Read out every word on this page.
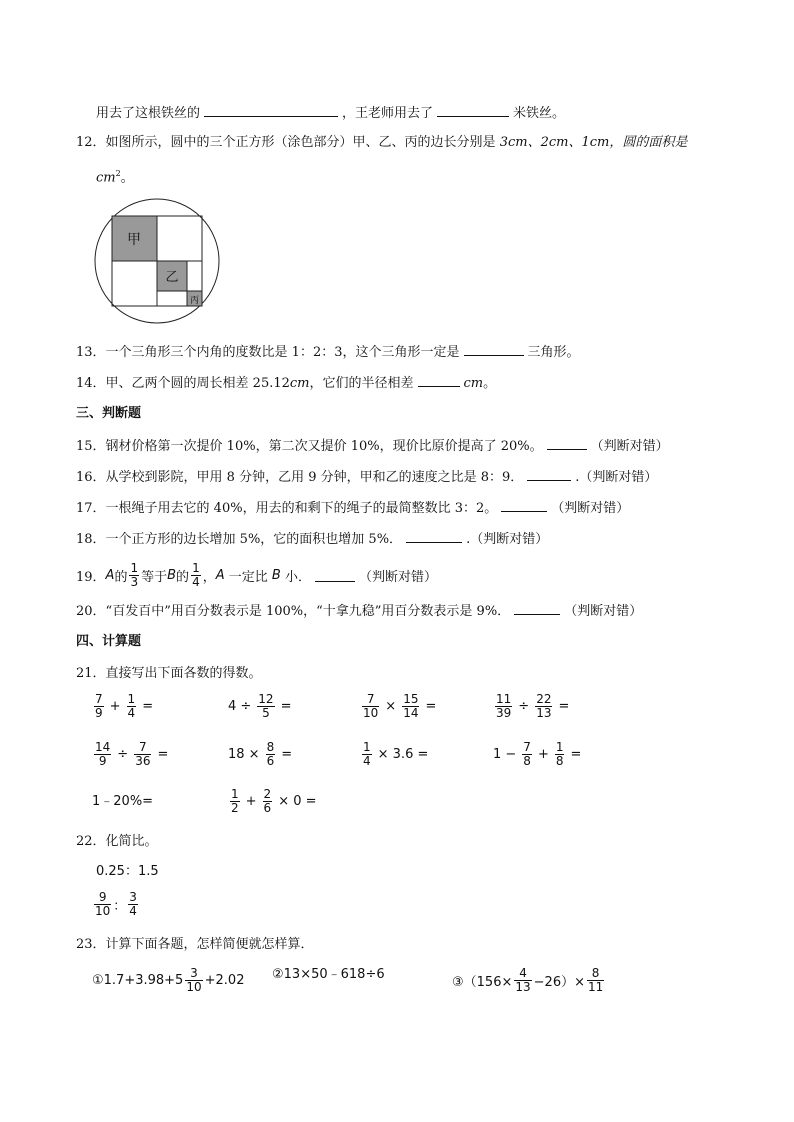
用去了这根铁丝的	，王老师用去了	米铁丝。
12．如图所示，圆中的三个正方形（涂色部分）甲、乙、丙的边长分别是 3cm、2cm、1cm，圆的面积是
$cm^2$。
甲
乙
丙
13．一个三角形三个内角的度数比是 1：2：3，这个三角形一定是	三角形。
14．甲、乙两个圆的周长相差 25.12cm，它们的半径相差	cm。
三、判断题
15．钢材价格第一次提价 10%，第二次又提价 10%，现价比原价提高了 20%。	（判断对错）
16．从学校到影院，甲用 8 分钟，乙用 9 分钟，甲和乙的速度之比是 8：9．	.（判断对错）
17．一根绳子用去它的 40%，用去的和剩下的绳子的最简整数比 3：2。	（判断对错）
18．一个正方形的边长增加 5%，它的面积也增加 5%．	.（判断对错）
19． A 的 $\frac{1}{3}$ 等于 B 的 $\frac{1}{4}$ ， A 一定比 B 小．	（判断对错）
20．“百发百中”用百分数表示是 100%，“十拿九稳”用百分数表示是 9%．	（判断对错）
四、计算题
21．直接写出下面各数的得数。
$\frac{7}{9} + \frac{1}{4}$ =	$4 \div \frac{12}{5}$ =	$\frac{7}{10} \times \frac{15}{14}$ =	$\frac{11}{39} \div \frac{22}{13}$ =
$\frac{14}{9} \div \frac{7}{36}$ =	$18 \times \frac{8}{6}$ =	$\frac{1}{4} \times 3.6$ =	$1 - \frac{7}{8} + \frac{1}{8}$ =
1﹣20%=	$\frac{1}{2} + \frac{2}{6} \times 0$ =
22．化简比。
0.25：1.5
$\frac{9}{10}$ ： $\frac{3}{4}$
23．计算下面各题，怎样简便就怎样算．
①1.7+3.98+5 $\frac{3}{10} +2.02$ ②13×50﹣618÷6
③（156× $\frac{4}{13} -26)\times \frac{8}{11}$
